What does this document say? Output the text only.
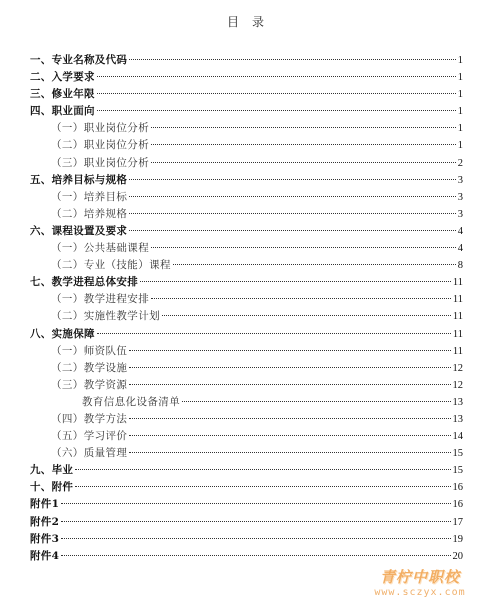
目录
一、专业名称及代码	1
二、入学要求	1
三、修业年限	1
四、职业面向	1
（一）职业岗位分析	1
（二）职业岗位分析	1
（三）职业岗位分析	2
五、培养目标与规格	3
（一）培养目标	3
（二）培养规格	3
六、课程设置及要求	4
（一）公共基础课程	4
（二）专业（技能）课程	8
七、教学进程总体安排	11
（一）教学进程安排	11
（二）实施性教学计划	11
八、实施保障	11
（一）师资队伍	11
（二）教学设施	12
（三）教学资源	12
教育信息化设备清单	13
（四）教学方法	13
（五）学习评价	14
（六）质量管理	15
九、毕业	15
十、附件	16
附件1	16
附件2	17
附件3	19
附件4	20
青柠中职校
www.sczyx.com
